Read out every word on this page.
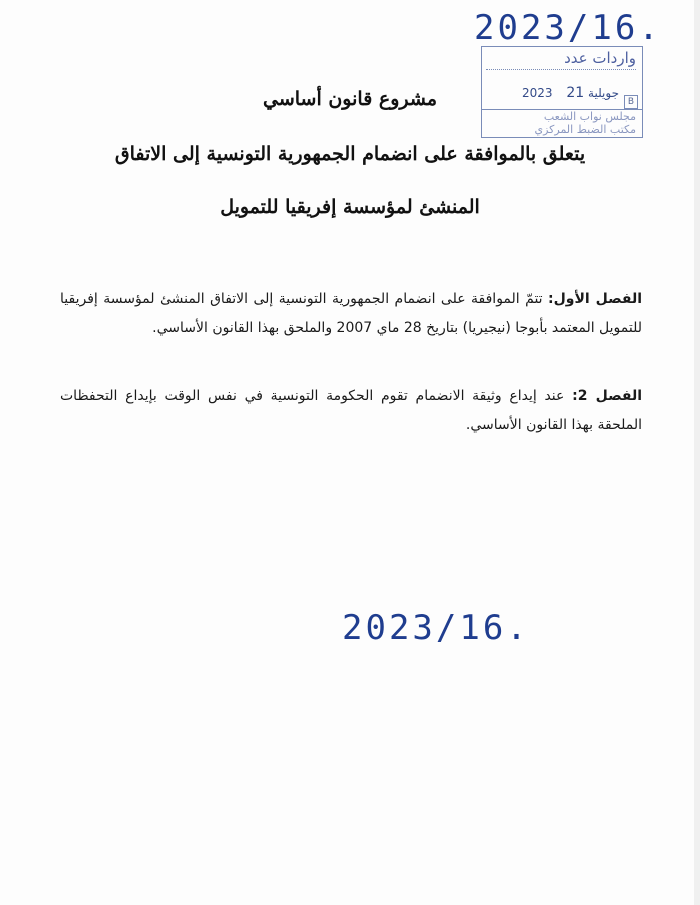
2023/16.
واردات عدد
2023	جويلية 21
B
مجلس نواب الشعب
مكتب الضبط المركزي
مشروع قانون أساسي
يتعلق بالموافقة على انضمام الجمهورية التونسية إلى الاتفاق
المنشئ لمؤسسة إفريقيا للتمويل
الفصل الأول: تتمّ الموافقة على انضمام الجمهورية التونسية إلى الاتفاق المنشئ لمؤسسة إفريقيا للتمويل المعتمد بأبوجا (نيجيريا) بتاريخ 28 ماي 2007 والملحق بهذا القانون الأساسي.
الفصل 2: عند إيداع وثيقة الانضمام تقوم الحكومة التونسية في نفس الوقت بإيداع التحفظات الملحقة بهذا القانون الأساسي.
2023/16.
